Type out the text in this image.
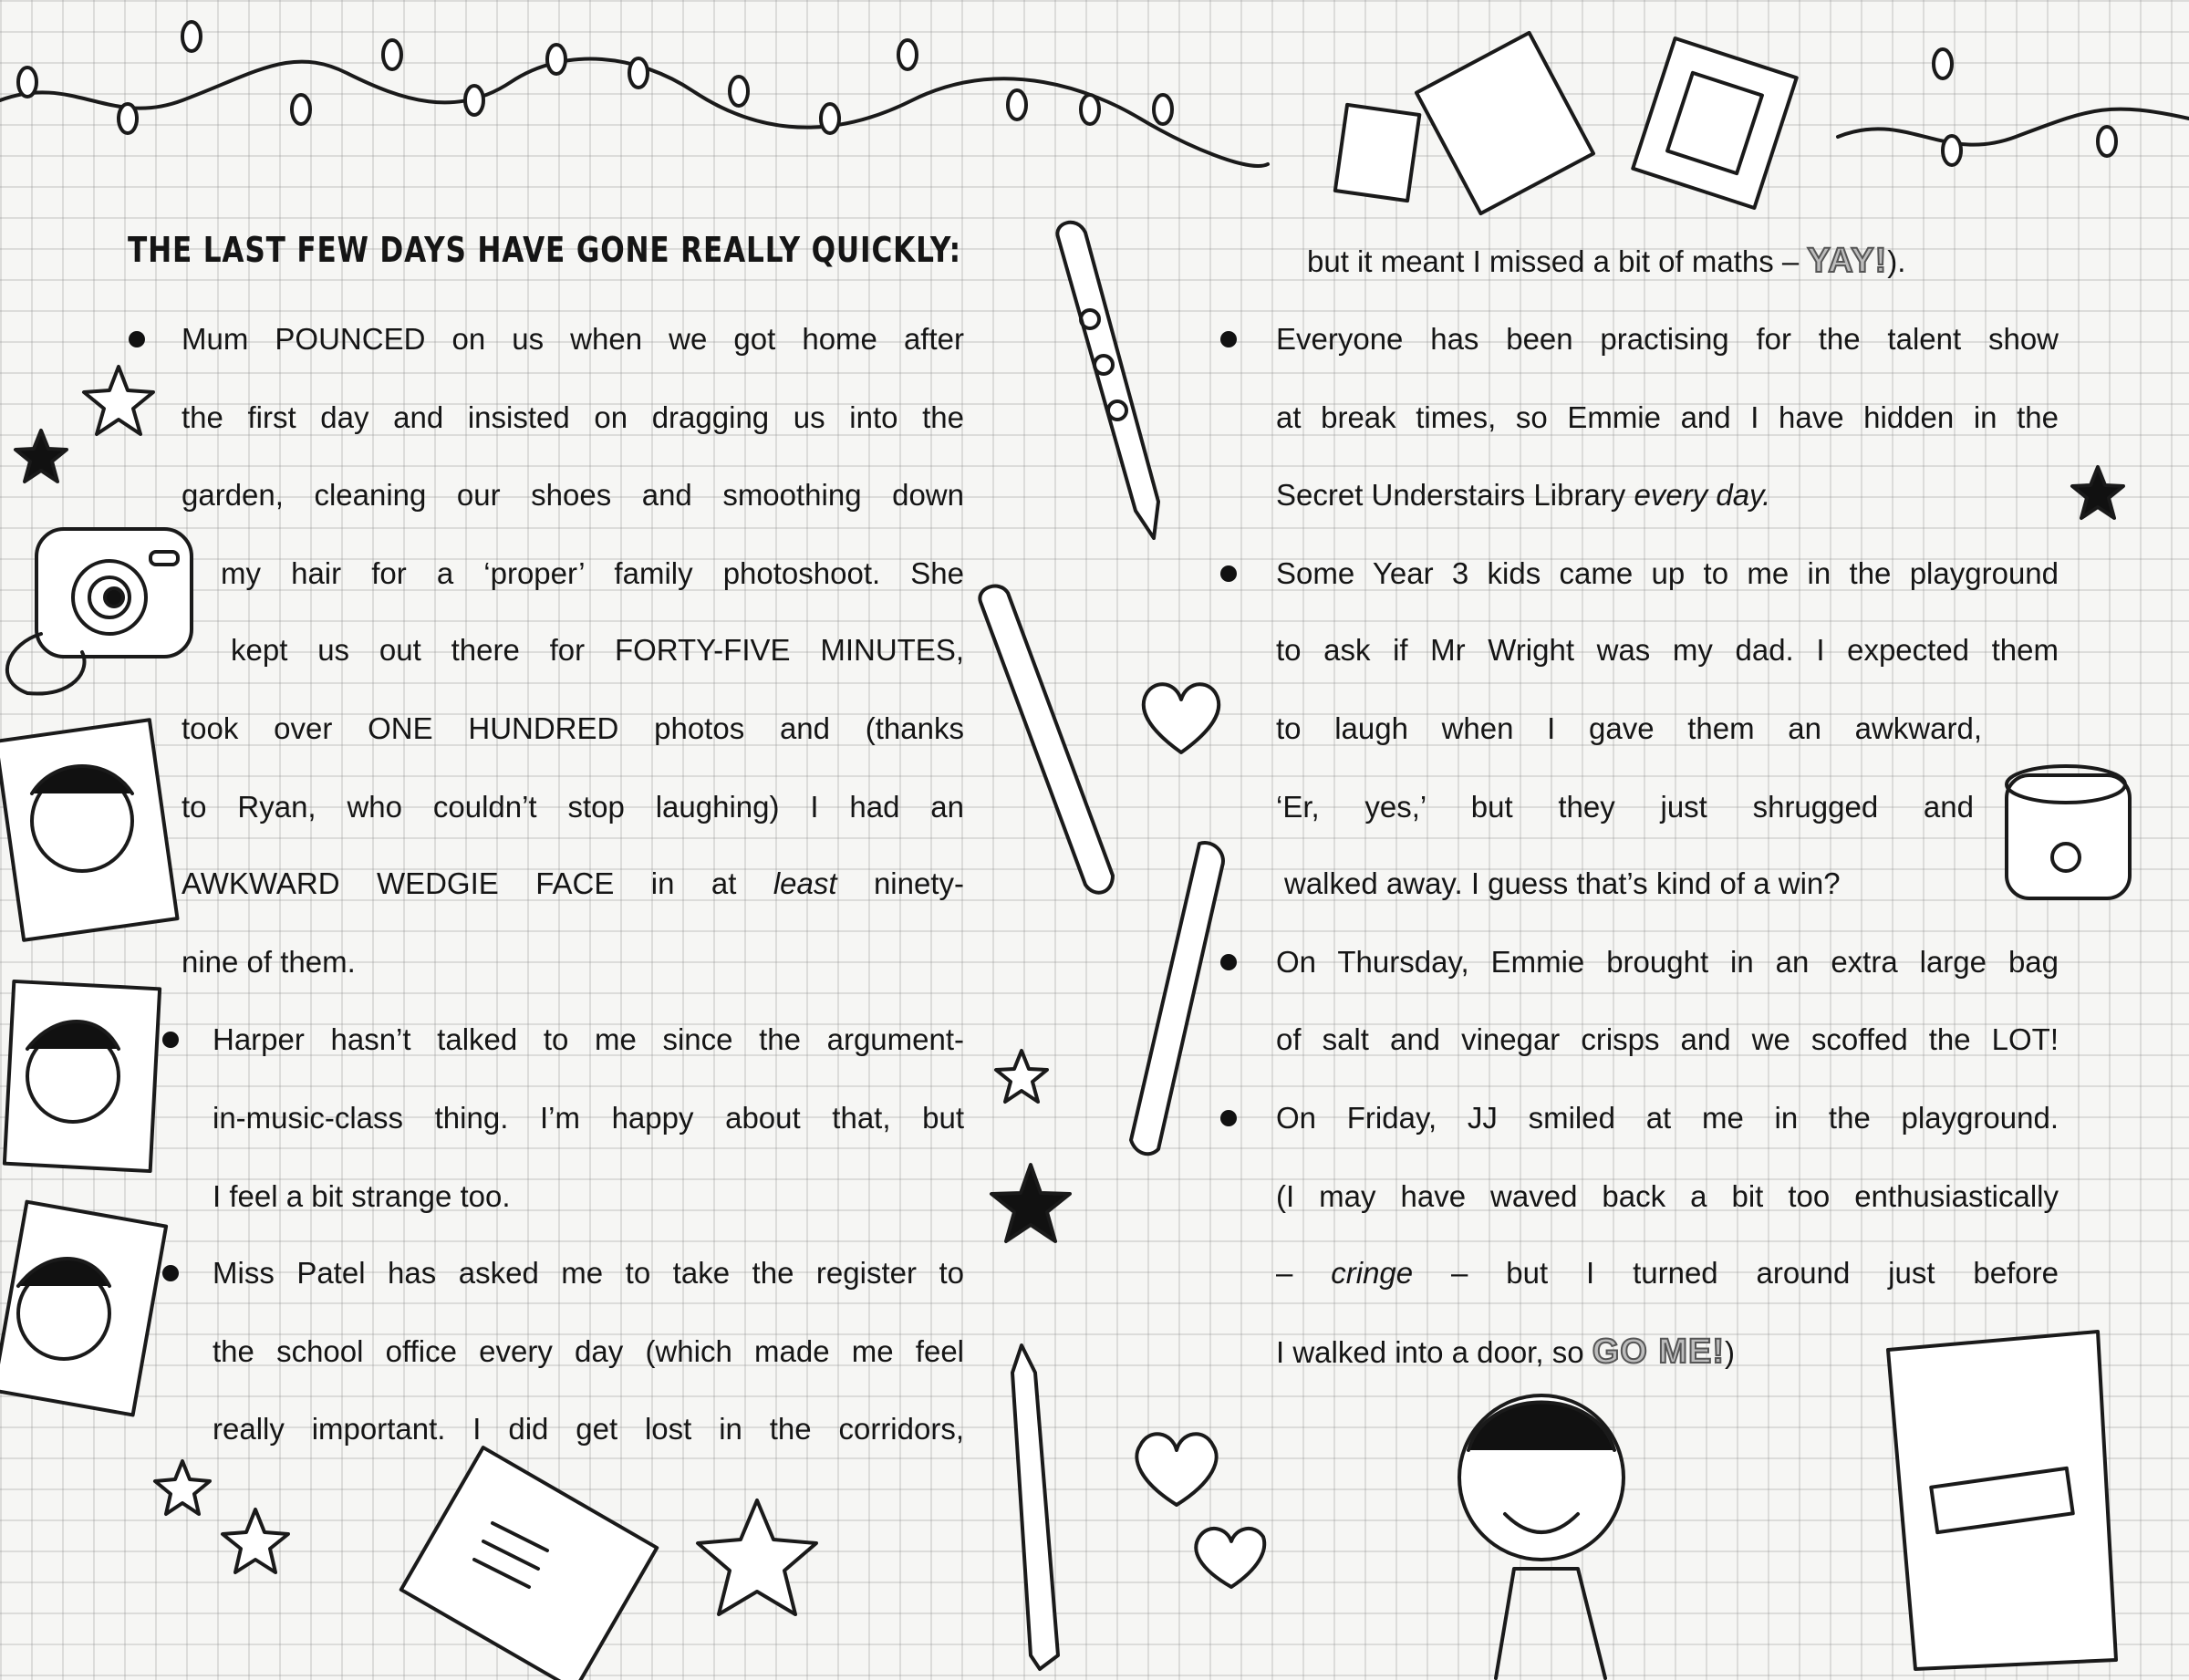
THE LAST FEW DAYS HAVE GONE REALLY QUICKLY:
Mum POUNCED on us when we got home after
the first day and insisted on dragging us into the
garden, cleaning our shoes and smoothing down
my hair for a ‘proper’ family photoshoot. She
kept us out there for FORTY-FIVE MINUTES,
took over ONE HUNDRED photos and (thanks
to Ryan, who couldn’t stop laughing) I had an
AWKWARD WEDGIE FACE in at least ninety-
nine of them.
Harper hasn’t talked to me since the argument-
in-music-class thing. I’m happy about that, but
I feel a bit strange too.
Miss Patel has asked me to take the register to
the school office every day (which made me feel
really important. I did get lost in the corridors,
but it meant I missed a bit of maths – YAY!).
Everyone has been practising for the talent show
at break times, so Emmie and I have hidden in the
Secret Understairs Library every day.
Some Year 3 kids came up to me in the playground
to ask if Mr Wright was my dad. I expected them
to laugh when I gave them an awkward,
‘Er, yes,’ but they just shrugged and
walked away. I guess that’s kind of a win?
On Thursday, Emmie brought in an extra large bag
of salt and vinegar crisps and we scoffed the LOT!
On Friday, JJ smiled at me in the playground.
(I may have waved back a bit too enthusiastically
– cringe – but I turned around just before
I walked into a door, so GO ME!)
